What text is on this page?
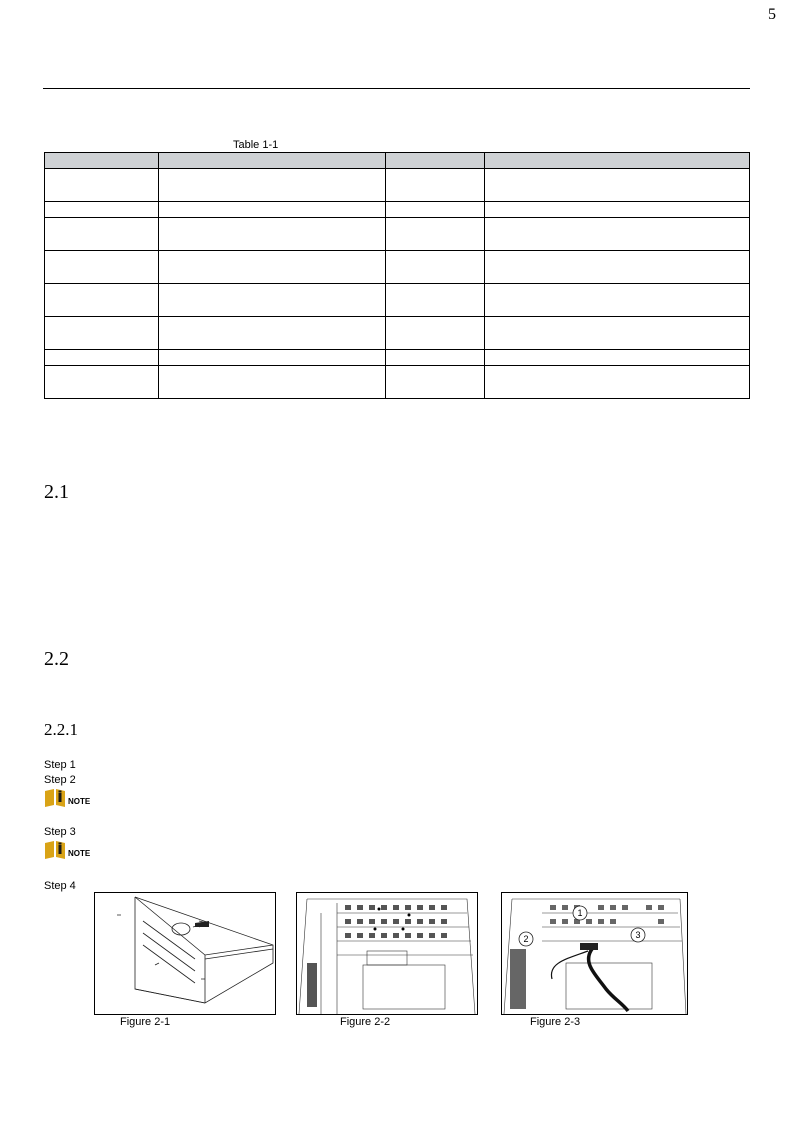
5
Table 1-1

2.1
2.2
2.2.1
Step 1
Step 2
NOTE
Step 3
NOTE
Step 4
Figure 2-1	Figure 2-2
1
2	3
Figure 2-3
